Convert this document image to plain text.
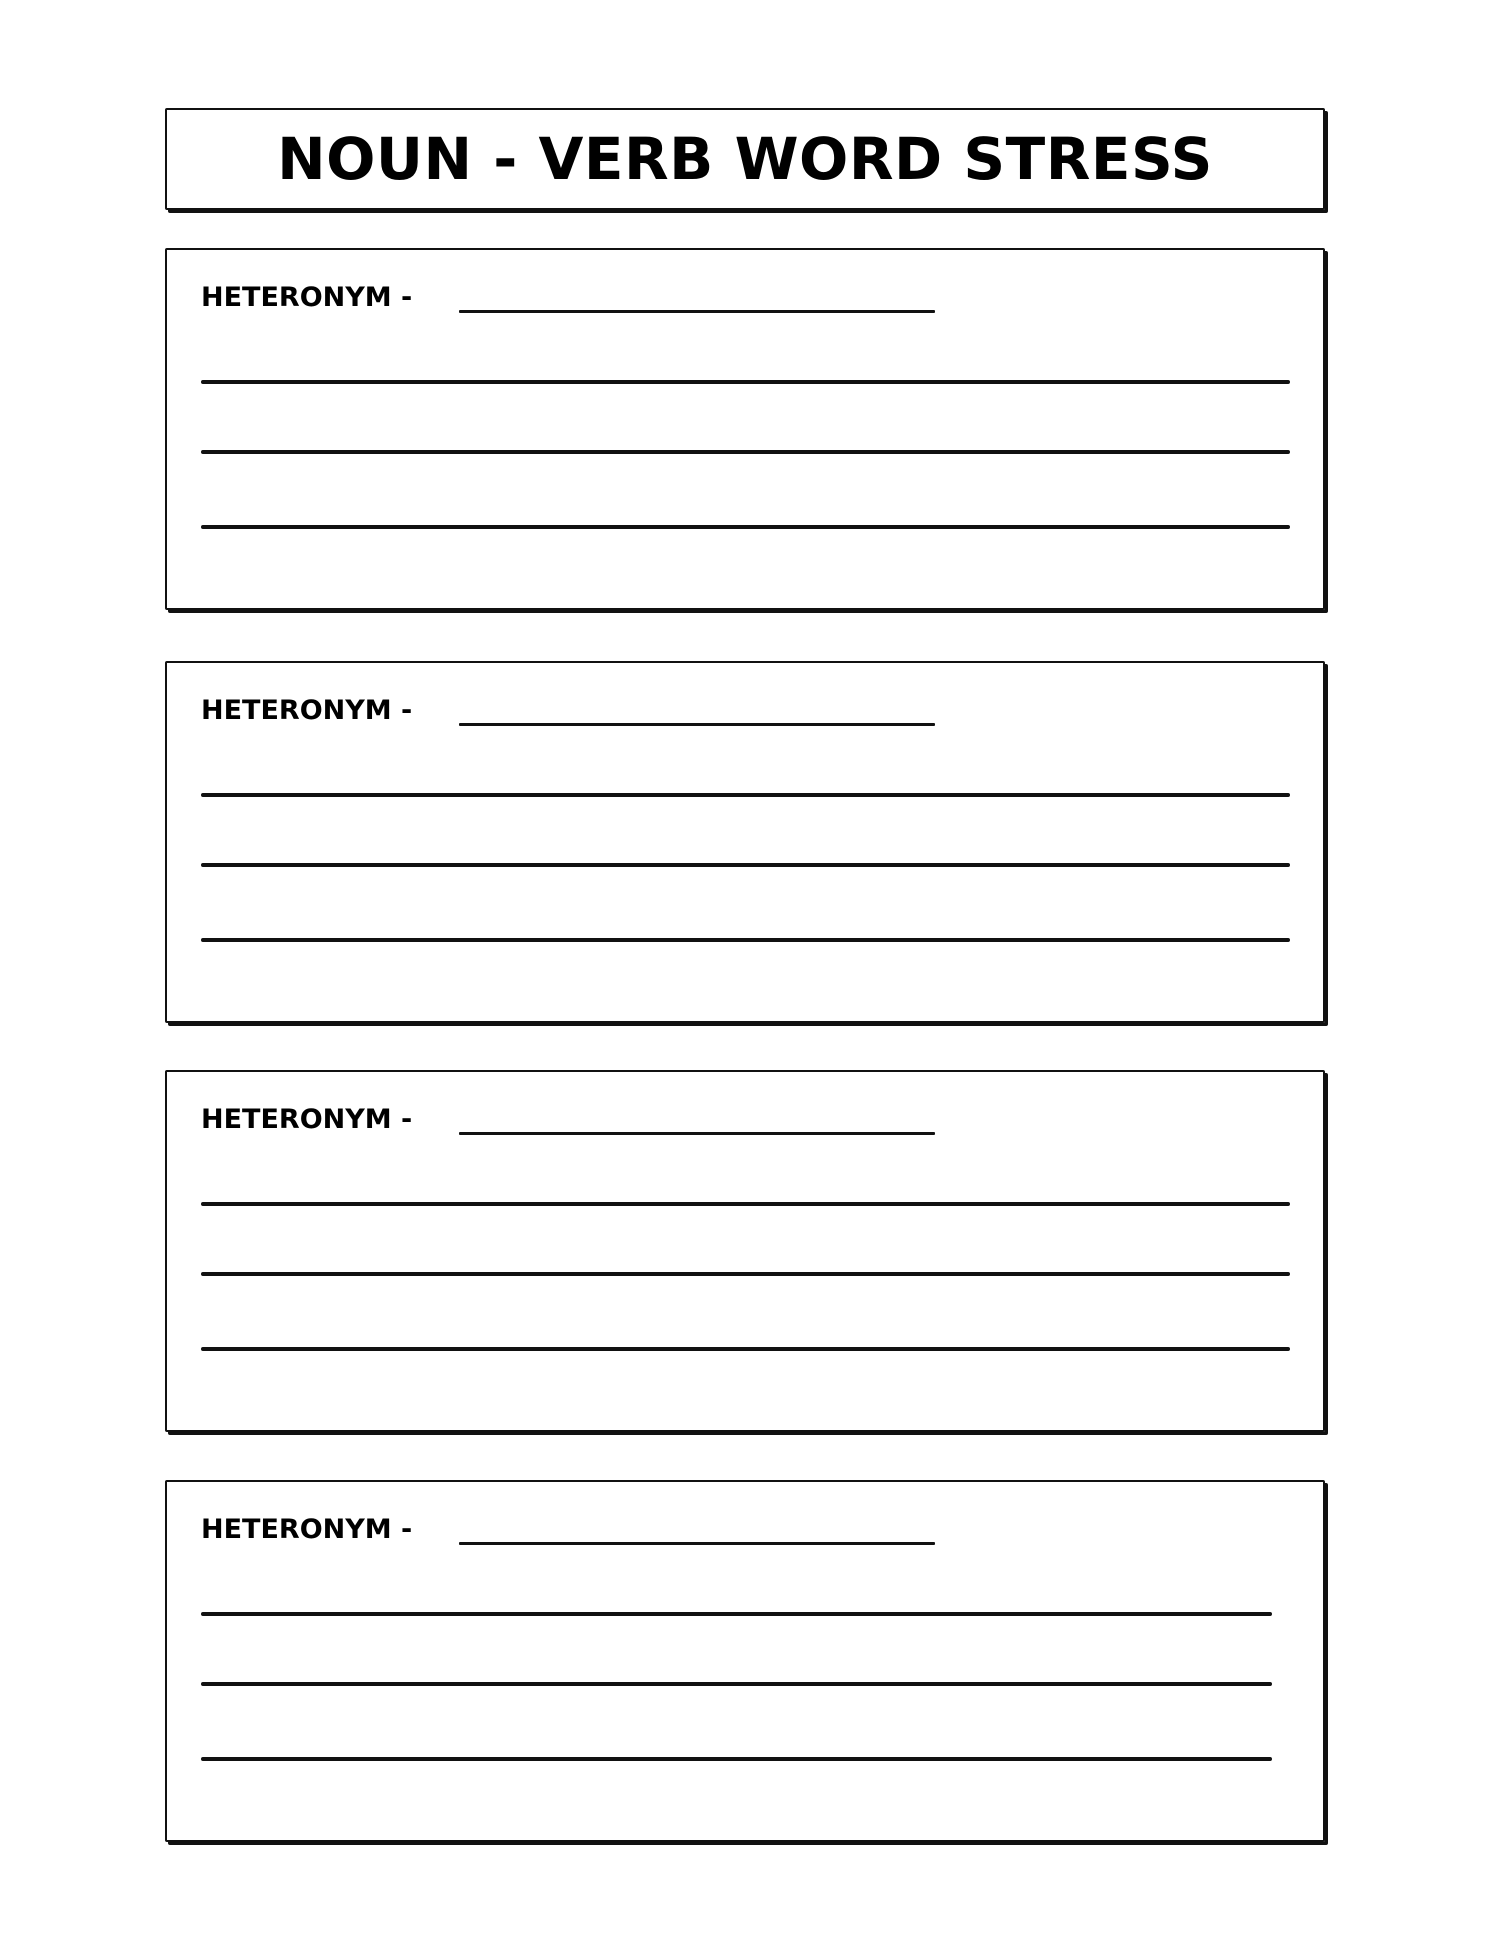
NOUN - VERB WORD STRESS
HETERONYM -
HETERONYM -
HETERONYM -
HETERONYM -
